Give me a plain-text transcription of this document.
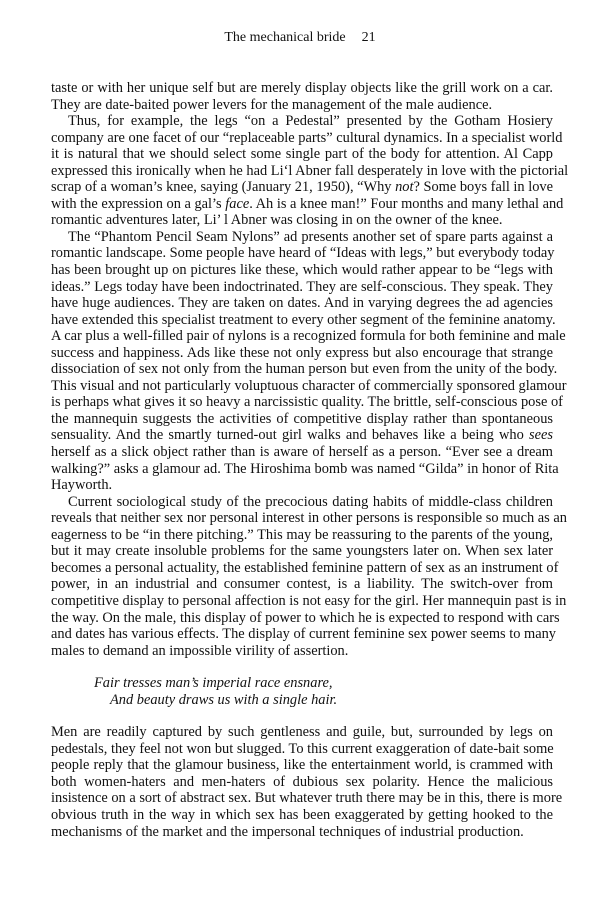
The mechanical bride 21
taste or with her unique self but are merely display objects like the grill work on a car.
They are date-baited power levers for the management of the male audience.
Thus, for example, the legs “on a Pedestal” presented by the Gotham Hosiery
company are one facet of our “replaceable parts” cultural dynamics. In a specialist world
it is natural that we should select some single part of the body for attention. Al Capp
expressed this ironically when he had Li‘l Abner fall desperately in love with the pictorial
scrap of a woman’s knee, saying (January 21, 1950), “Why not? Some boys fall in love
with the expression on a gal’s face. Ah is a knee man!” Four months and many lethal and
romantic adventures later, Li’ l Abner was closing in on the owner of the knee.
The “Phantom Pencil Seam Nylons” ad presents another set of spare parts against a
romantic landscape. Some people have heard of “Ideas with legs,” but everybody today
has been brought up on pictures like these, which would rather appear to be “legs with
ideas.” Legs today have been indoctrinated. They are self-conscious. They speak. They
have huge audiences. They are taken on dates. And in varying degrees the ad agencies
have extended this specialist treatment to every other segment of the feminine anatomy.
A car plus a well-filled pair of nylons is a recognized formula for both feminine and male
success and happiness. Ads like these not only express but also encourage that strange
dissociation of sex not only from the human person but even from the unity of the body.
This visual and not particularly voluptuous character of commercially sponsored glamour
is perhaps what gives it so heavy a narcissistic quality. The brittle, self-conscious pose of
the mannequin suggests the activities of competitive display rather than spontaneous
sensuality. And the smartly turned-out girl walks and behaves like a being who sees
herself as a slick object rather than is aware of herself as a person. “Ever see a dream
walking?” asks a glamour ad. The Hiroshima bomb was named “Gilda” in honor of Rita
Hayworth.
Current sociological study of the precocious dating habits of middle-class children
reveals that neither sex nor personal interest in other persons is responsible so much as an
eagerness to be “in there pitching.” This may be reassuring to the parents of the young,
but it may create insoluble problems for the same youngsters later on. When sex later
becomes a personal actuality, the established feminine pattern of sex as an instrument of
power, in an industrial and consumer contest, is a liability. The switch-over from
competitive display to personal affection is not easy for the girl. Her mannequin past is in
the way. On the male, this display of power to which he is expected to respond with cars
and dates has various effects. The display of current feminine sex power seems to many
males to demand an impossible virility of assertion.
Fair tresses man’s imperial race ensnare,
And beauty draws us with a single hair.
Men are readily captured by such gentleness and guile, but, surrounded by legs on
pedestals, they feel not won but slugged. To this current exaggeration of date-bait some
people reply that the glamour business, like the entertainment world, is crammed with
both women-haters and men-haters of dubious sex polarity. Hence the malicious
insistence on a sort of abstract sex. But whatever truth there may be in this, there is more
obvious truth in the way in which sex has been exaggerated by getting hooked to the
mechanisms of the market and the impersonal techniques of industrial production.
